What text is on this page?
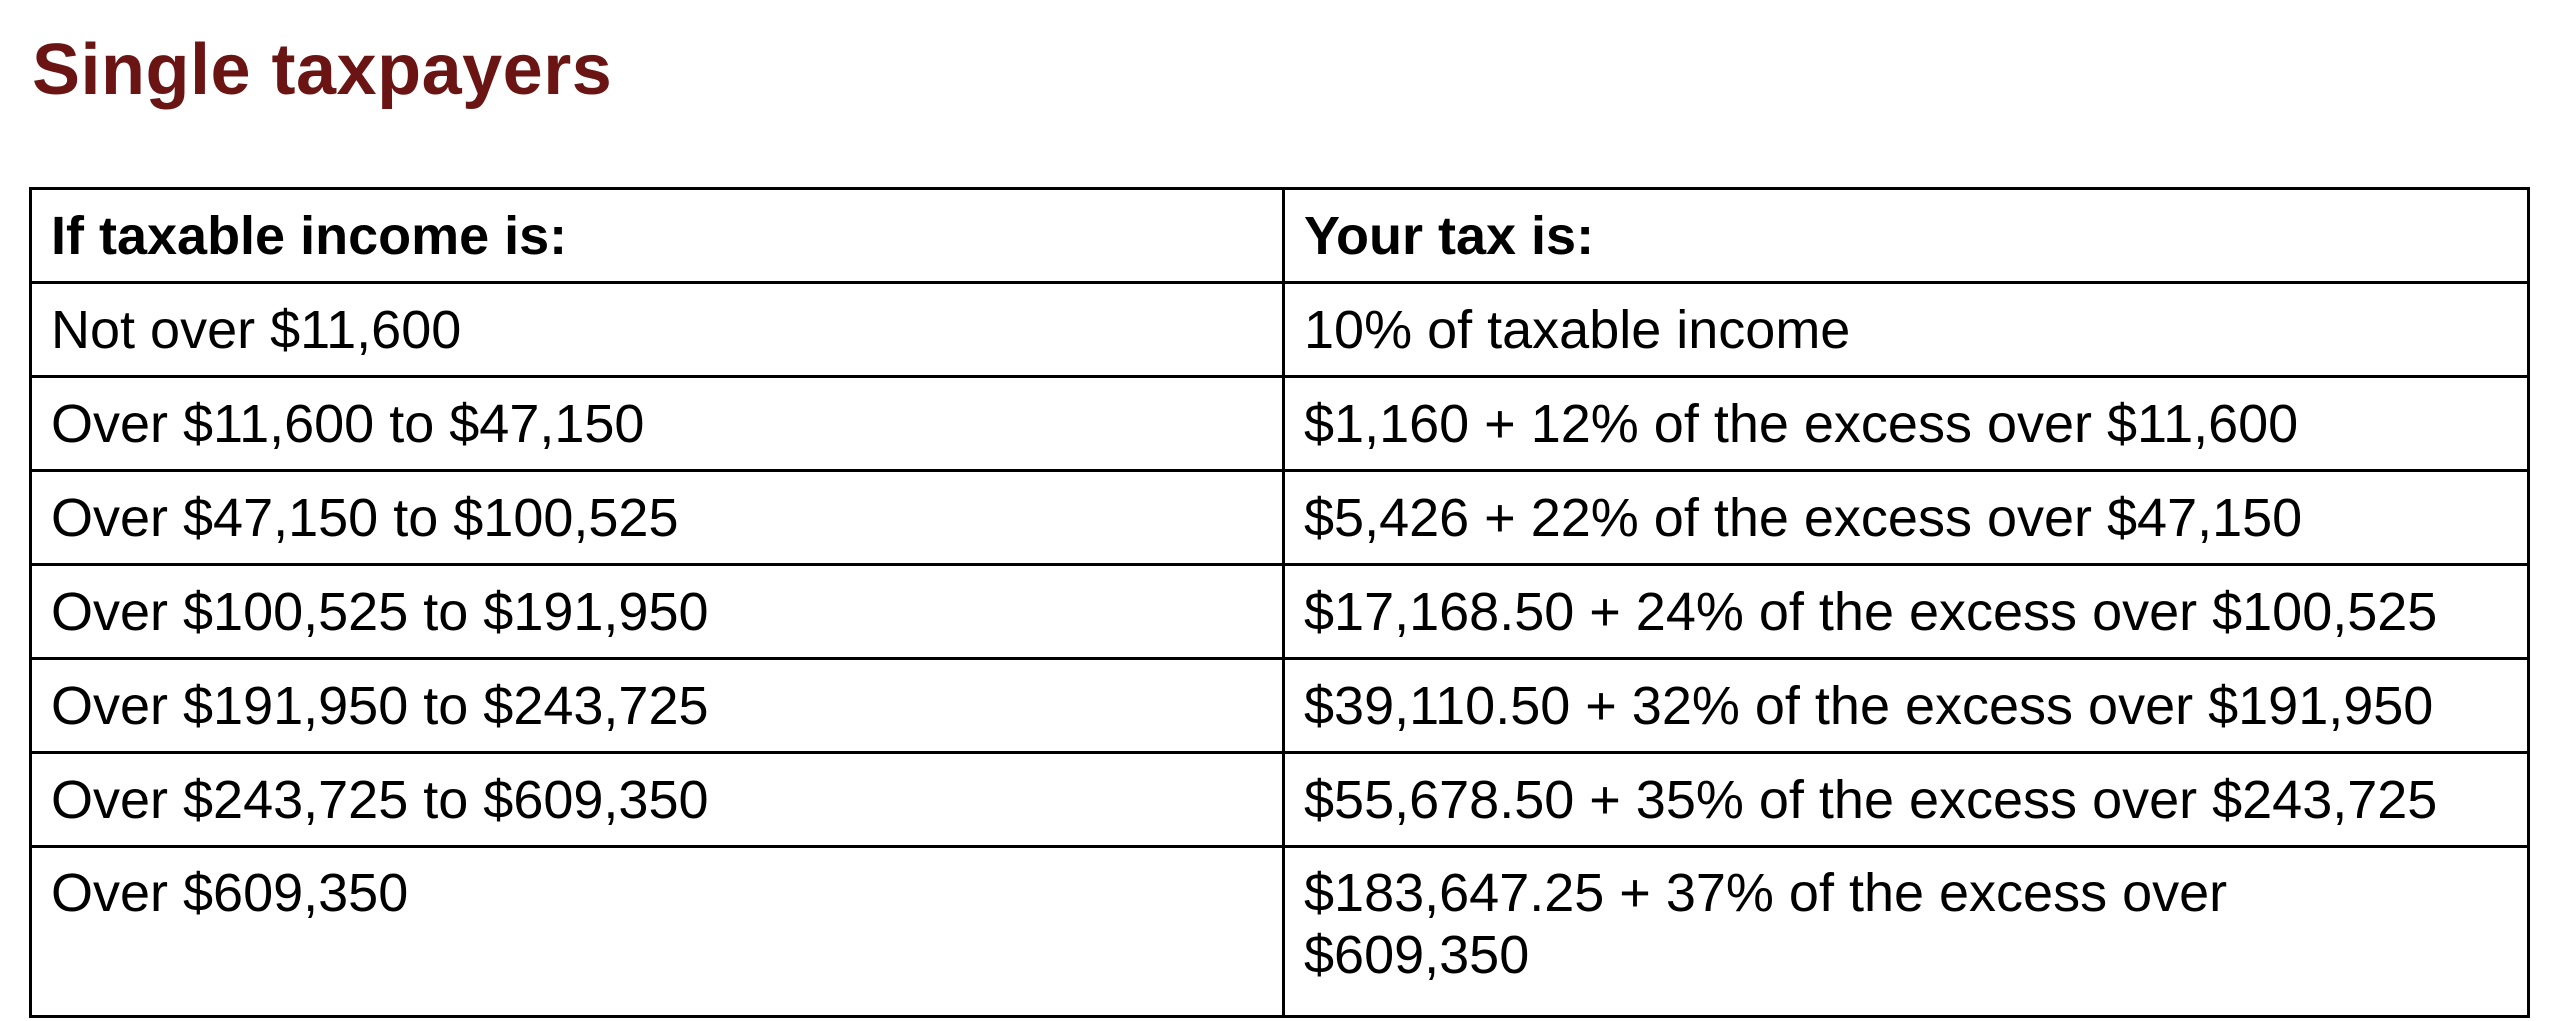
Single taxpayers
If taxable income is:	Your tax is:
Not over $11,600	10% of taxable income
Over $11,600 to $47,150	$1,160 + 12% of the excess over $11,600
Over $47,150 to $100,525	$5,426 + 22% of the excess over $47,150
Over $100,525 to $191,950	$17,168.50 + 24% of the excess over $100,525
Over $191,950 to $243,725	$39,110.50 + 32% of the excess over $191,950
Over $243,725 to $609,350	$55,678.50 + 35% of the excess over $243,725
Over $609,350	$183,647.25 + 37% of the excess over $609,350
